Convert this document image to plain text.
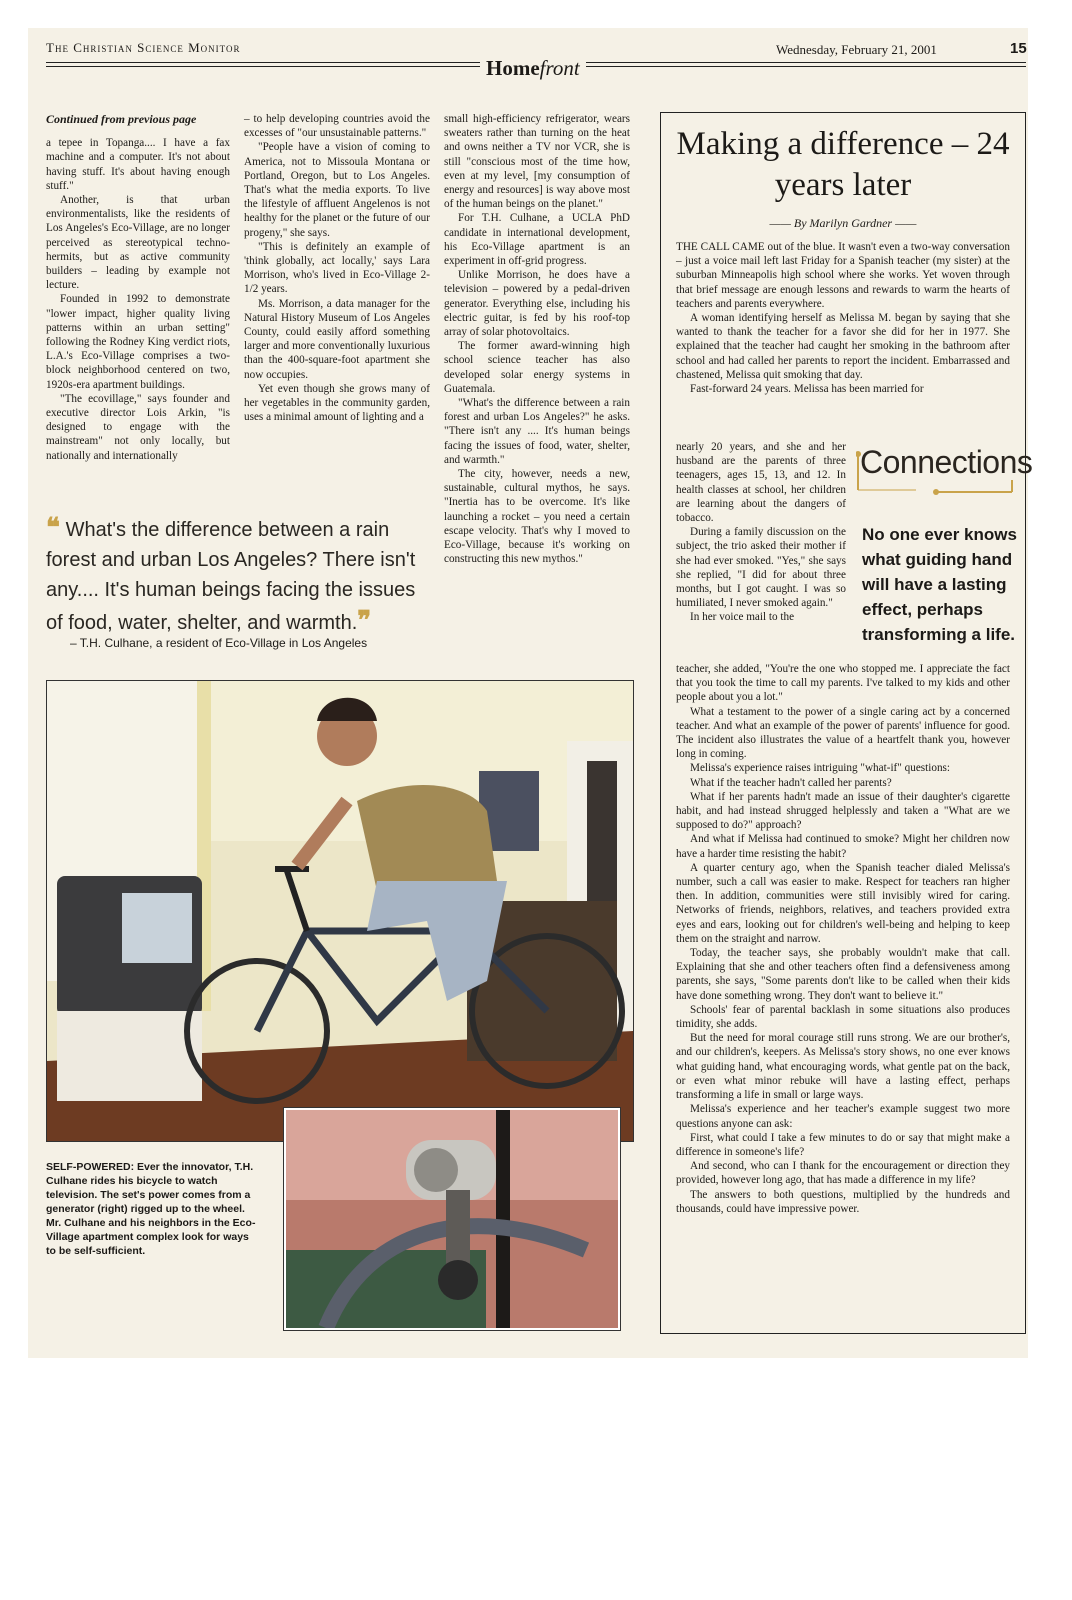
The Christian Science Monitor	Wednesday, February 21, 2001	15
Homefront

Continued from previous page

a tepee in Topanga.... I have a fax machine and a computer. It's not about having stuff. It's about having enough stuff."

Another, is that urban environmentalists, like the residents of Los Angeles's Eco-Village, are no longer perceived as stereotypical techno-hermits, but as active community builders – leading by example not lecture.

Founded in 1992 to demonstrate "lower impact, higher quality living patterns within an urban setting" following the Rodney King verdict riots, L.A.'s Eco-Village comprises a two-block neighborhood centered on two, 1920s-era apartment buildings.

"The ecovillage," says founder and executive director Lois Arkin, "is designed to engage with the mainstream" not only locally, but nationally and internationally

– to help developing countries avoid the excesses of "our unsustainable patterns."

"People have a vision of coming to America, not to Missoula Montana or Portland, Oregon, but to Los Angeles. That's what the media exports. To live the lifestyle of affluent Angelenos is not healthy for the planet or the future of our progeny," she says.

"This is definitely an example of 'think globally, act locally,' says Lara Morrison, who's lived in Eco-Village 2-1/2 years.

Ms. Morrison, a data manager for the Natural History Museum of Los Angeles County, could easily afford something larger and more conventionally luxurious than the 400-square-foot apartment she now occupies.

Yet even though she grows many of her vegetables in the community garden, uses a minimal amount of lighting and a

small high-efficiency refrigerator, wears sweaters rather than turning on the heat and owns neither a TV nor VCR, she is still "conscious most of the time how, even at my level, [my consumption of energy and resources] is way above most of the human beings on the planet."

For T.H. Culhane, a UCLA PhD candidate in international development, his Eco-Village apartment is an experiment in off-grid progress.

Unlike Morrison, he does have a television – powered by a pedal-driven generator. Everything else, including his electric guitar, is fed by his roof-top array of solar photovoltaics.

The former award-winning high school science teacher has also developed solar energy systems in Guatemala.

"What's the difference between a rain forest and urban Los Angeles?" he asks. "There isn't any .... It's human beings facing the issues of food, water, shelter, and warmth."

The city, however, needs a new, sustainable, cultural mythos, he says. "Inertia has to be overcome. It's like launching a rocket – you need a certain escape velocity. That's why I moved to Eco-Village, because it's working on constructing this new mythos."

❝ What's the difference between a rain forest and urban Los Angeles? There isn't any.... It's human beings facing the issues of food, water, shelter, and warmth.❞
– T.H. Culhane, a resident of Eco-Village in Los Angeles
SELF-POWERED: Ever the innovator, T.H. Culhane rides his bicycle to watch television. The set's power comes from a generator (right) rigged up to the wheel. Mr. Culhane and his neighbors in the Eco-Village apartment complex look for ways to be self-sufficient.
Making a difference – 24 years later
—— By Marilyn Gardner ——

THE CALL CAME out of the blue. It wasn't even a two-way conversation – just a voice mail left last Friday for a Spanish teacher (my sister) at the suburban Minneapolis high school where she works. Yet woven through that brief message are enough lessons and rewards to warm the hearts of teachers and parents everywhere.

A woman identifying herself as Melissa M. began by saying that she wanted to thank the teacher for a favor she did for her in 1977. She explained that the teacher had caught her smoking in the bathroom after school and had called her parents to report the incident. Embarrassed and chastened, Melissa quit smoking that day.

Fast-forward 24 years. Melissa has been married for

nearly 20 years, and she and her husband are the parents of three teenagers, ages 15, 13, and 12. In health classes at school, her children are learning about the dangers of tobacco.

During a family discussion on the subject, the trio asked their mother if she had ever smoked. "Yes," she says she replied, "I did for about three months, but I got caught. I was so humiliated, I never smoked again."

In her voice mail to the

teacher, she added, "You're the one who stopped me. I appreciate the fact that you took the time to call my parents. I've talked to my kids and other people about you a lot."

What a testament to the power of a single caring act by a concerned teacher. And what an example of the power of parents' influence for good. The incident also illustrates the value of a heartfelt thank you, however long in coming.

Melissa's experience raises intriguing "what-if" questions:

What if the teacher hadn't called her parents?

What if her parents hadn't made an issue of their daughter's cigarette habit, and had instead shrugged helplessly and taken a "What are we supposed to do?" approach?

And what if Melissa had continued to smoke? Might her children now have a harder time resisting the habit?

A quarter century ago, when the Spanish teacher dialed Melissa's number, such a call was easier to make. Respect for teachers ran higher then. In addition, communities were still invisibly wired for caring. Networks of friends, neighbors, relatives, and teachers provided extra eyes and ears, looking out for children's well-being and helping to keep them on the straight and narrow.

Today, the teacher says, she probably wouldn't make that call. Explaining that she and other teachers often find a defensiveness among parents, she says, "Some parents don't like to be called when their kids have done something wrong. They don't want to believe it."

Schools' fear of parental backlash in some situations also produces timidity, she adds.

But the need for moral courage still runs strong. We are our brother's, and our children's, keepers. As Melissa's story shows, no one ever knows what guiding hand, what encouraging words, what gentle pat on the back, or even what minor rebuke will have a lasting effect, perhaps transforming a life in small or large ways.

Melissa's experience and her teacher's example suggest two more questions anyone can ask:

First, what could I take a few minutes to do or say that might make a difference in someone's life?

And second, who can I thank for the encouragement or direction they provided, however long ago, that has made a difference in my life?

The answers to both questions, multiplied by the hundreds and thousands, could have impressive power.

Connections
No one ever knows what guiding hand will have a lasting effect, perhaps transforming a life.
